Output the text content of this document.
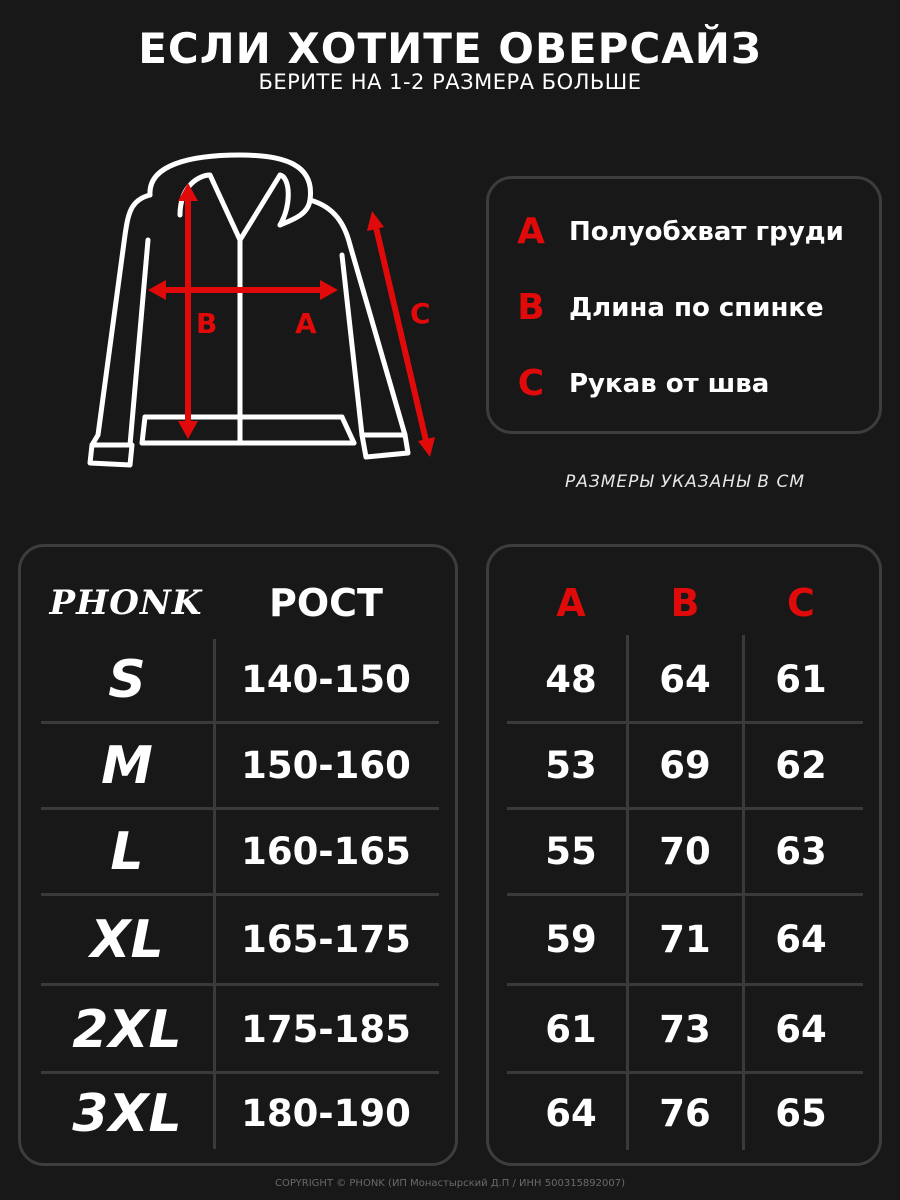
ЕСЛИ ХОТИТЕ ОВЕРСАЙЗ
БЕРИТЕ НА 1-2 РАЗМЕРА БОЛЬШЕ
B	A	C
A Полуобхват груди
B Длина по спинке
C Рукав от шва
РАЗМЕРЫ УКАЗАНЫ В СМ
PHONK	РОСТ
S	140-150
M	150-160
L	160-165
XL	165-175
2XL	175-185
3XL	180-190
A	B	C
48	64	61
53	69	62
55	70	63
59	71	64
61	73	64
64	76	65
COPYRIGHT © PHONK (ИП Монастырский Д.П / ИНН 500315892007)
